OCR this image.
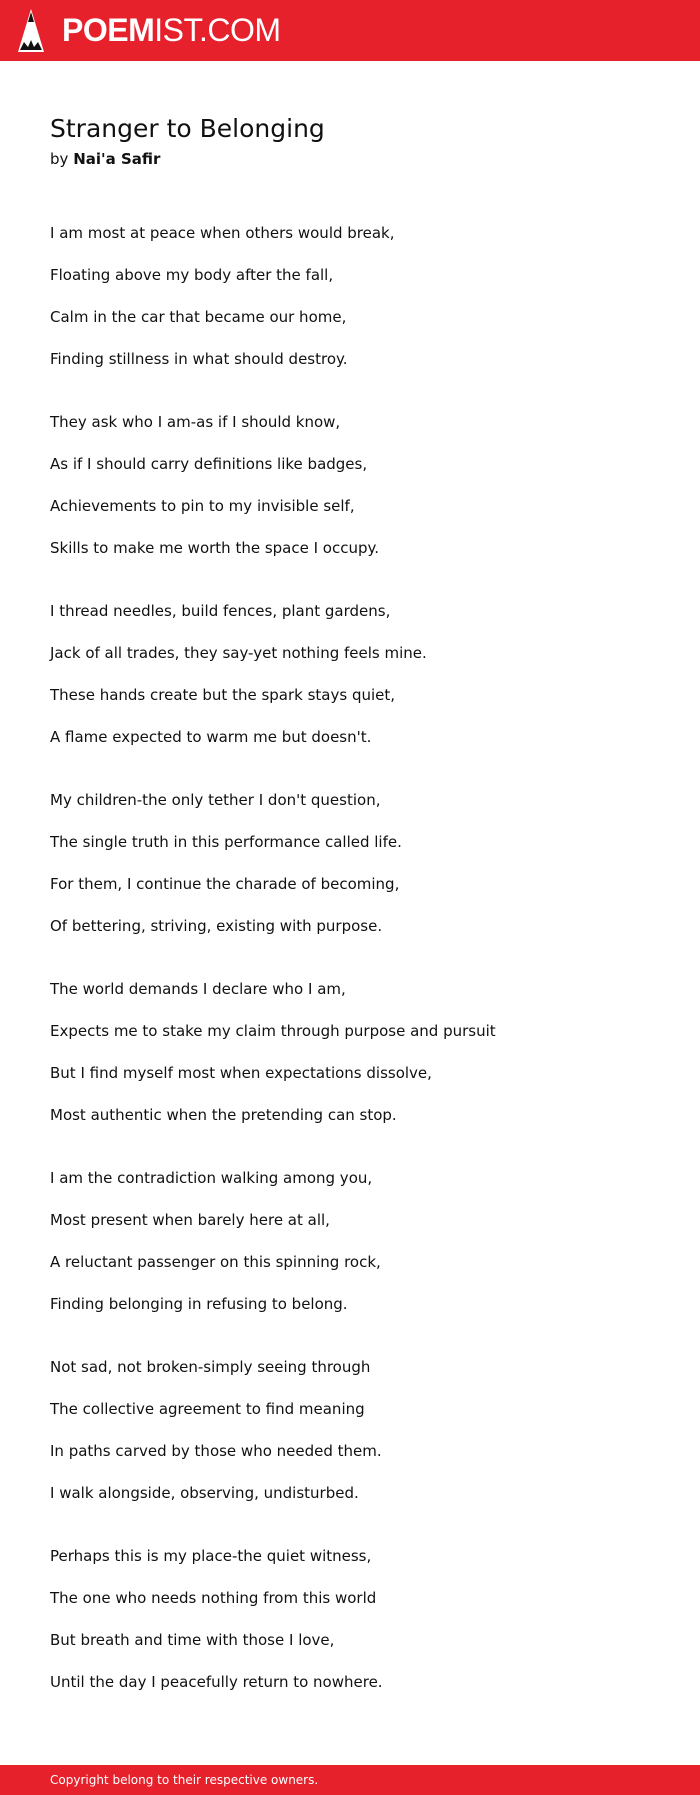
POEMIST.COM
Stranger to Belonging
by Nai'a Safir
I am most at peace when others would break,
Floating above my body after the fall,
Calm in the car that became our home,
Finding stillness in what should destroy.
They ask who I am-as if I should know,
As if I should carry definitions like badges,
Achievements to pin to my invisible self,
Skills to make me worth the space I occupy.
I thread needles, build fences, plant gardens,
Jack of all trades, they say-yet nothing feels mine.
These hands create but the spark stays quiet,
A flame expected to warm me but doesn't.
My children-the only tether I don't question,
The single truth in this performance called life.
For them, I continue the charade of becoming,
Of bettering, striving, existing with purpose.
The world demands I declare who I am,
Expects me to stake my claim through purpose and pursuit
But I find myself most when expectations dissolve,
Most authentic when the pretending can stop.
I am the contradiction walking among you,
Most present when barely here at all,
A reluctant passenger on this spinning rock,
Finding belonging in refusing to belong.
Not sad, not broken-simply seeing through
The collective agreement to find meaning
In paths carved by those who needed them.
I walk alongside, observing, undisturbed.
Perhaps this is my place-the quiet witness,
The one who needs nothing from this world
But breath and time with those I love,
Until the day I peacefully return to nowhere.
Copyright belong to their respective owners.
